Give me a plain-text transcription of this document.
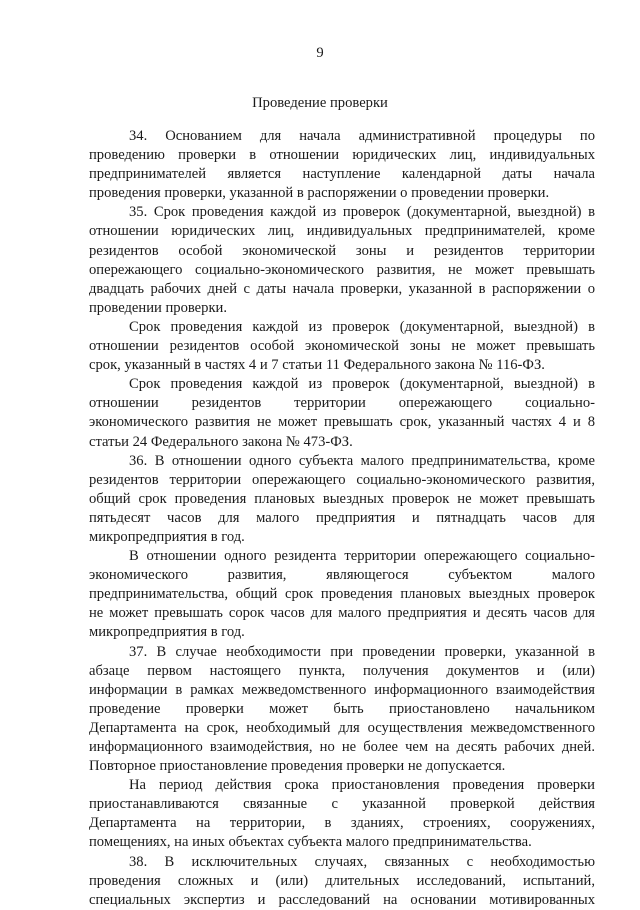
9
Проведение проверки
34. Основанием для начала административной процедуры по
проведению проверки в отношении юридических лиц, индивидуальных
предпринимателей является наступление календарной даты начала
проведения проверки, указанной в распоряжении о проведении проверки.
35. Срок проведения каждой из проверок (документарной, выездной) в
отношении юридических лиц, индивидуальных предпринимателей, кроме
резидентов особой экономической зоны и резидентов территории
опережающего социально-экономического развития, не может превышать
двадцать рабочих дней с даты начала проверки, указанной в распоряжении о
проведении проверки.
Срок проведения каждой из проверок (документарной, выездной) в
отношении резидентов особой экономической зоны не может превышать
срок, указанный в частях 4 и 7 статьи 11 Федерального закона № 116-ФЗ.
Срок проведения каждой из проверок (документарной, выездной) в
отношении резидентов территории опережающего социально-
экономического развития не может превышать срок, указанный частях 4 и 8
статьи 24 Федерального закона № 473-ФЗ.
36. В отношении одного субъекта малого предпринимательства, кроме
резидентов территории опережающего социально-экономического развития,
общий срок проведения плановых выездных проверок не может превышать
пятьдесят часов для малого предприятия и пятнадцать часов для
микропредприятия в год.
В отношении одного резидента территории опережающего социально-
экономического развития, являющегося субъектом малого
предпринимательства, общий срок проведения плановых выездных проверок
не может превышать сорок часов для малого предприятия и десять часов для
микропредприятия в год.
37. В случае необходимости при проведении проверки, указанной в
абзаце первом настоящего пункта, получения документов и (или)
информации в рамках межведомственного информационного взаимодействия
проведение проверки может быть приостановлено начальником
Департамента на срок, необходимый для осуществления межведомственного
информационного взаимодействия, но не более чем на десять рабочих дней.
Повторное приостановление проведения проверки не допускается.
На период действия срока приостановления проведения проверки
приостанавливаются связанные с указанной проверкой действия
Департамента на территории, в зданиях, строениях, сооружениях,
помещениях, на иных объектах субъекта малого предпринимательства.
38. В исключительных случаях, связанных с необходимостью
проведения сложных и (или) длительных исследований, испытаний,
специальных экспертиз и расследований на основании мотивированных
